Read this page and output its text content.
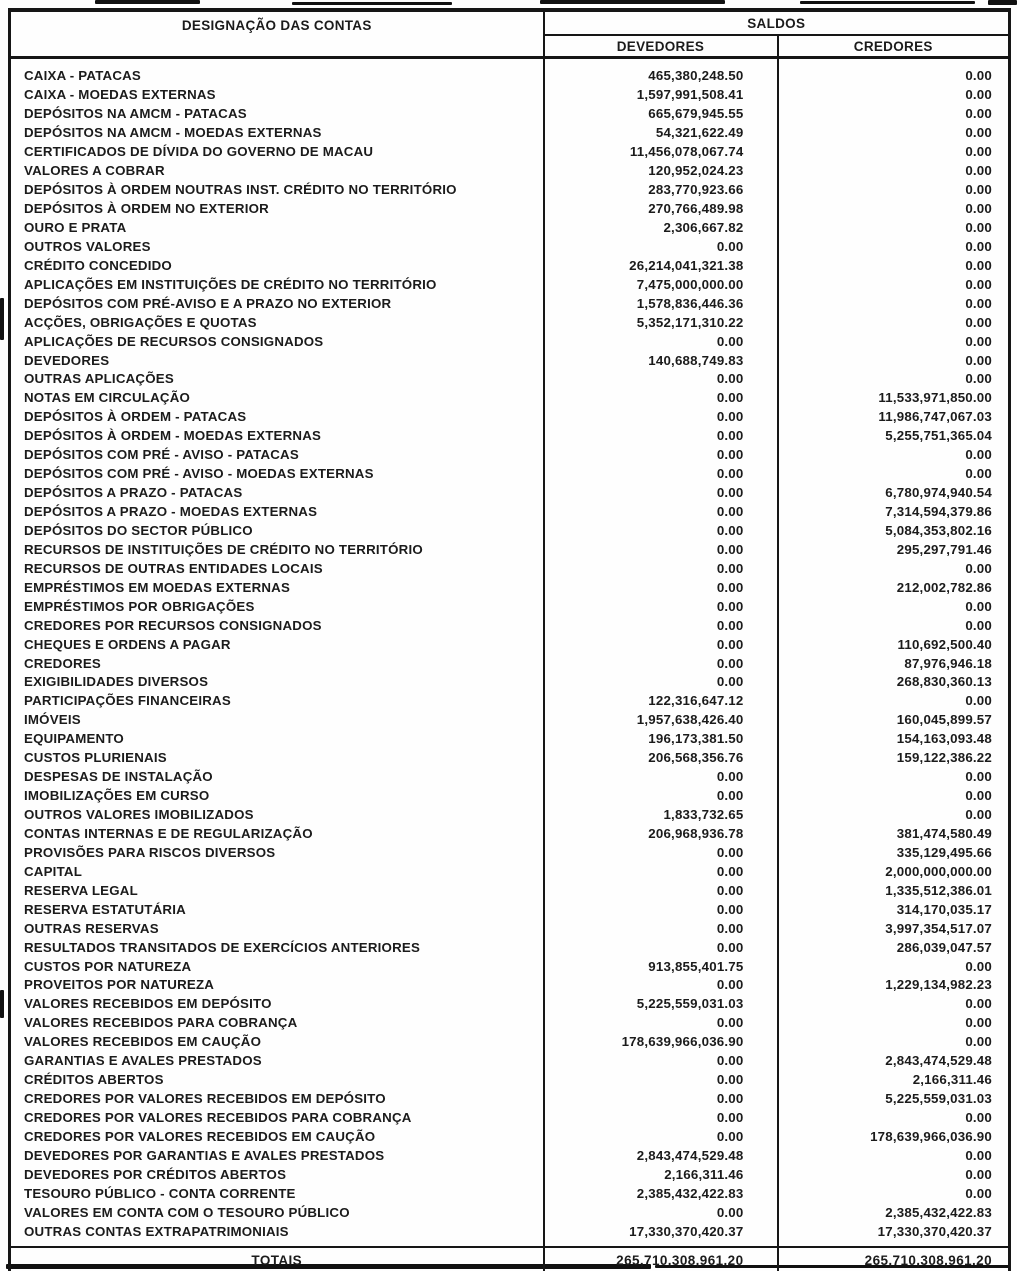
DESIGNAÇÃO DAS CONTAS	SALDOS	
	DEVEDORES	CREDORES
CAIXA - PATACAS	465,380,248.50	0.00
CAIXA - MOEDAS EXTERNAS	1,597,991,508.41	0.00
DEPÓSITOS NA AMCM - PATACAS	665,679,945.55	0.00
DEPÓSITOS NA AMCM - MOEDAS EXTERNAS	54,321,622.49	0.00
CERTIFICADOS DE DÍVIDA DO GOVERNO DE MACAU	11,456,078,067.74	0.00
VALORES A COBRAR	120,952,024.23	0.00
DEPÓSITOS À ORDEM NOUTRAS INST. CRÉDITO NO TERRITÓRIO	283,770,923.66	0.00
DEPÓSITOS À ORDEM NO EXTERIOR	270,766,489.98	0.00
OURO E PRATA	2,306,667.82	0.00
OUTROS VALORES	0.00	0.00
CRÉDITO CONCEDIDO	26,214,041,321.38	0.00
APLICAÇÕES EM INSTITUIÇÕES DE CRÉDITO NO TERRITÓRIO	7,475,000,000.00	0.00
DEPÓSITOS COM PRÉ-AVISO E A PRAZO NO EXTERIOR	1,578,836,446.36	0.00
ACÇÕES, OBRIGAÇÕES E QUOTAS	5,352,171,310.22	0.00
APLICAÇÕES DE RECURSOS CONSIGNADOS	0.00	0.00
DEVEDORES	140,688,749.83	0.00
OUTRAS APLICAÇÕES	0.00	0.00
NOTAS EM CIRCULAÇÃO	0.00	11,533,971,850.00
DEPÓSITOS À ORDEM - PATACAS	0.00	11,986,747,067.03
DEPÓSITOS À ORDEM - MOEDAS EXTERNAS	0.00	5,255,751,365.04
DEPÓSITOS COM PRÉ - AVISO - PATACAS	0.00	0.00
DEPÓSITOS COM PRÉ - AVISO - MOEDAS EXTERNAS	0.00	0.00
DEPÓSITOS A PRAZO - PATACAS	0.00	6,780,974,940.54
DEPÓSITOS A PRAZO - MOEDAS EXTERNAS	0.00	7,314,594,379.86
DEPÓSITOS DO SECTOR PÚBLICO	0.00	5,084,353,802.16
RECURSOS DE INSTITUIÇÕES DE CRÉDITO NO TERRITÓRIO	0.00	295,297,791.46
RECURSOS DE OUTRAS ENTIDADES LOCAIS	0.00	0.00
EMPRÉSTIMOS EM MOEDAS EXTERNAS	0.00	212,002,782.86
EMPRÉSTIMOS POR OBRIGAÇÕES	0.00	0.00
CREDORES POR RECURSOS CONSIGNADOS	0.00	0.00
CHEQUES E ORDENS A PAGAR	0.00	110,692,500.40
CREDORES	0.00	87,976,946.18
EXIGIBILIDADES DIVERSOS	0.00	268,830,360.13
PARTICIPAÇÕES FINANCEIRAS	122,316,647.12	0.00
IMÓVEIS	1,957,638,426.40	160,045,899.57
EQUIPAMENTO	196,173,381.50	154,163,093.48
CUSTOS PLURIENAIS	206,568,356.76	159,122,386.22
DESPESAS DE INSTALAÇÃO	0.00	0.00
IMOBILIZAÇÕES EM CURSO	0.00	0.00
OUTROS VALORES IMOBILIZADOS	1,833,732.65	0.00
CONTAS INTERNAS E DE REGULARIZAÇÃO	206,968,936.78	381,474,580.49
PROVISÕES PARA RISCOS DIVERSOS	0.00	335,129,495.66
CAPITAL	0.00	2,000,000,000.00
RESERVA LEGAL	0.00	1,335,512,386.01
RESERVA ESTATUTÁRIA	0.00	314,170,035.17
OUTRAS RESERVAS	0.00	3,997,354,517.07
RESULTADOS TRANSITADOS DE EXERCÍCIOS ANTERIORES	0.00	286,039,047.57
CUSTOS POR NATUREZA	913,855,401.75	0.00
PROVEITOS POR NATUREZA	0.00	1,229,134,982.23
VALORES RECEBIDOS EM DEPÓSITO	5,225,559,031.03	0.00
VALORES RECEBIDOS PARA COBRANÇA	0.00	0.00
VALORES RECEBIDOS EM CAUÇÃO	178,639,966,036.90	0.00
GARANTIAS E AVALES PRESTADOS	0.00	2,843,474,529.48
CRÉDITOS ABERTOS	0.00	2,166,311.46
CREDORES POR VALORES RECEBIDOS EM DEPÓSITO	0.00	5,225,559,031.03
CREDORES POR VALORES RECEBIDOS PARA COBRANÇA	0.00	0.00
CREDORES POR VALORES RECEBIDOS EM CAUÇÃO	0.00	178,639,966,036.90
DEVEDORES POR GARANTIAS E AVALES PRESTADOS	2,843,474,529.48	0.00
DEVEDORES POR CRÉDITOS ABERTOS	2,166,311.46	0.00
TESOURO PÚBLICO - CONTA CORRENTE	2,385,432,422.83	0.00
VALORES EM CONTA COM O TESOURO PÚBLICO	0.00	2,385,432,422.83
OUTRAS CONTAS EXTRAPATRIMONIAIS	17,330,370,420.37	17,330,370,420.37
TOTAIS	265,710,308,961.20	265,710,308,961.20
